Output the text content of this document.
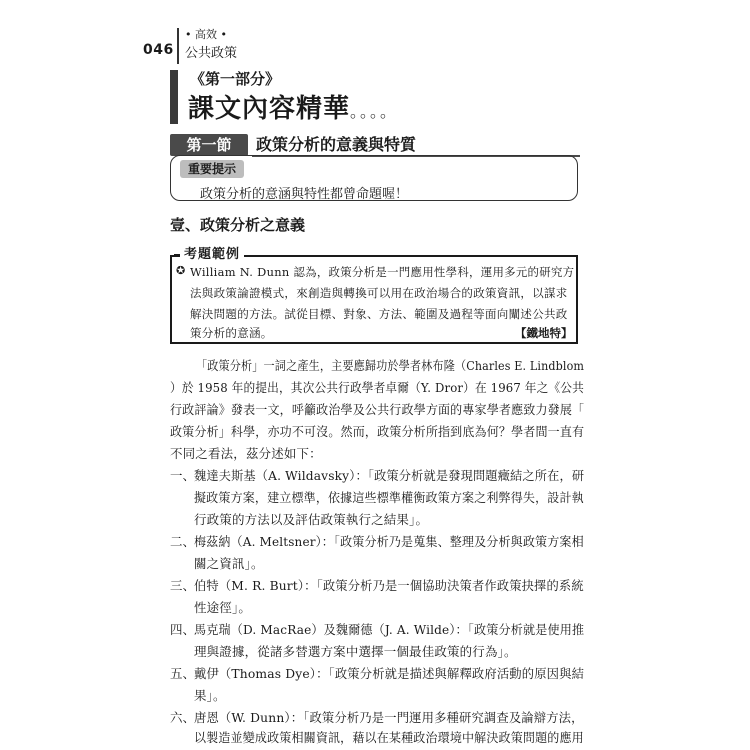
046
• 高效 •
公共政策
《第一部分》
課文內容精華。。。。
第一節	政策分析的意義與特質
重要提示
政策分析的意涵與特性都曾命題喔！
壹、政策分析之意義
考題範例
✪ William N. Dunn 認為，政策分析是一門應用性學科，運用多元的研究方
法與政策論證模式，來創造與轉換可以用在政治場合的政策資訊，以謀求
解決問題的方法。試從目標、對象、方法、範圍及過程等面向闡述公共政
策分析的意涵。	【鐵地特】
「政策分析」一詞之產生，主要應歸功於學者林布隆（Charles E. Lindblom
）於 1958 年的提出，其次公共行政學者卓爾（Y. Dror）在 1967 年之《公共
行政評論》發表一文，呼籲政治學及公共行政學方面的專家學者應致力發展「
政策分析」科學，亦功不可沒。然而，政策分析所指到底為何？學者間一直有
不同之看法，茲分述如下：
一、
魏達夫斯基（A. Wildavsky）：「政策分析就是發現問題癥結之所在，研
擬政策方案，建立標準，依據這些標準權衡政策方案之利弊得失，設計執
行政策的方法以及評估政策執行之結果」。
二、
梅茲納（A. Meltsner）：「政策分析乃是蒐集、整理及分析與政策方案相
關之資訊」。
三、
伯特（M. R. Burt）：「政策分析乃是一個協助決策者作政策抉擇的系統
性途徑」。
四、
馬克瑞（D. MacRae）及魏爾德（J. A. Wilde）：「政策分析就是使用推
理與證據，從諸多替選方案中選擇一個最佳政策的行為」。
五、
戴伊（Thomas Dye）：「政策分析就是描述與解釋政府活動的原因與結
果」。
六、
唐恩（W. Dunn）：「政策分析乃是一門運用多種研究調查及論辯方法，
以製造並變成政策相關資訊，藉以在某種政治環境中解決政策問題的應用
